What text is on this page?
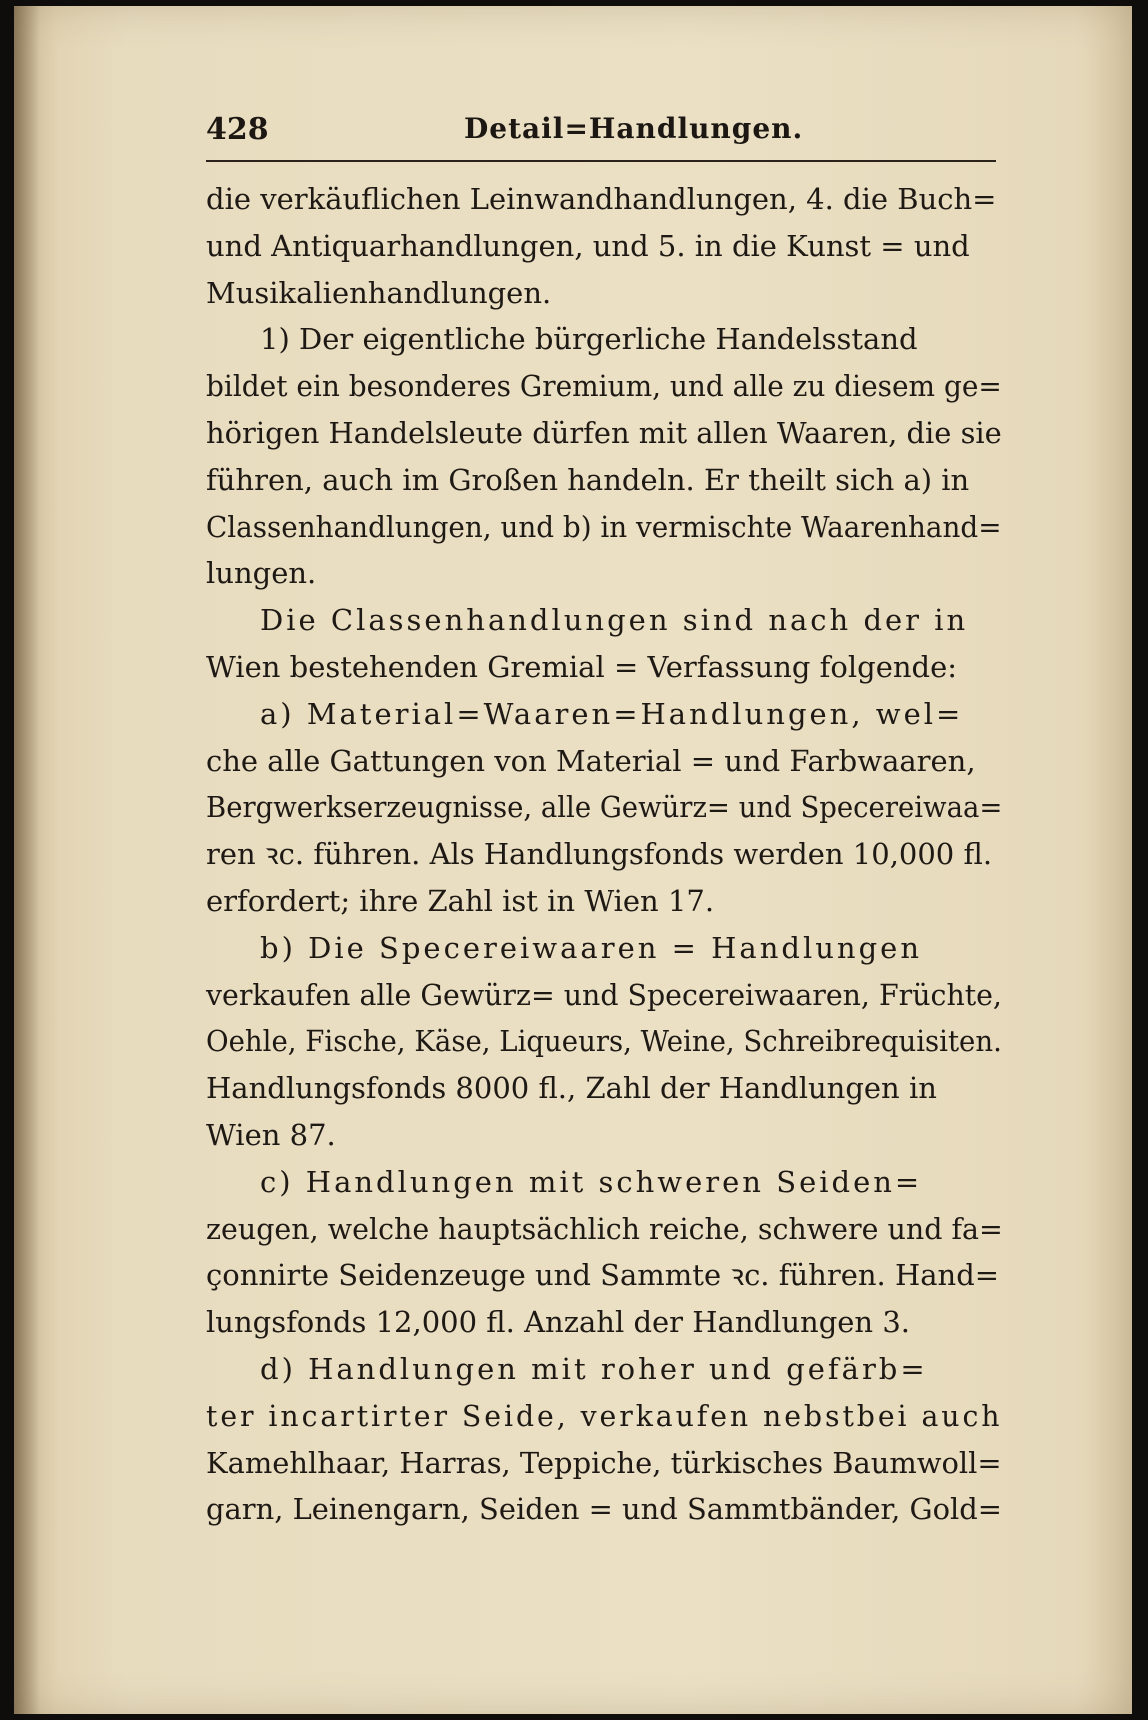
428	Detail=Handlungen.
die verkäuflichen Leinwandhandlungen, 4. die Buch=
und Antiquarhandlungen, und 5. in die Kunst = und
Musikalienhandlungen.
1) Der eigentliche bürgerliche Handelsstand
bildet ein besonderes Gremium, und alle zu diesem ge=
hörigen Handelsleute dürfen mit allen Waaren, die sie
führen, auch im Großen handeln. Er theilt sich a) in
Classenhandlungen, und b) in vermischte Waarenhand=
lungen.
Die Classenhandlungen sind nach der in
Wien bestehenden Gremial = Verfassung folgende:
a) Material=Waaren=Handlungen, wel=
che alle Gattungen von Material = und Farbwaaren,
Bergwerkserzeugnisse, alle Gewürz= und Specereiwaa=
ren ꝛc. führen. Als Handlungsfonds werden 10,000 fl.
erfordert; ihre Zahl ist in Wien 17.
b) Die Specereiwaaren = Handlungen
verkaufen alle Gewürz= und Specereiwaaren, Früchte,
Oehle, Fische, Käse, Liqueurs, Weine, Schreibrequisiten.
Handlungsfonds 8000 fl., Zahl der Handlungen in
Wien 87.
c) Handlungen mit schweren Seiden=
zeugen, welche hauptsächlich reiche, schwere und fa=
çonnirte Seidenzeuge und Sammte ꝛc. führen. Hand=
lungsfonds 12,000 fl. Anzahl der Handlungen 3.
d) Handlungen mit roher und gefärb=
ter incartirter Seide, verkaufen nebstbei auch
Kamehlhaar, Harras, Teppiche, türkisches Baumwoll=
garn, Leinengarn, Seiden = und Sammtbänder, Gold=
